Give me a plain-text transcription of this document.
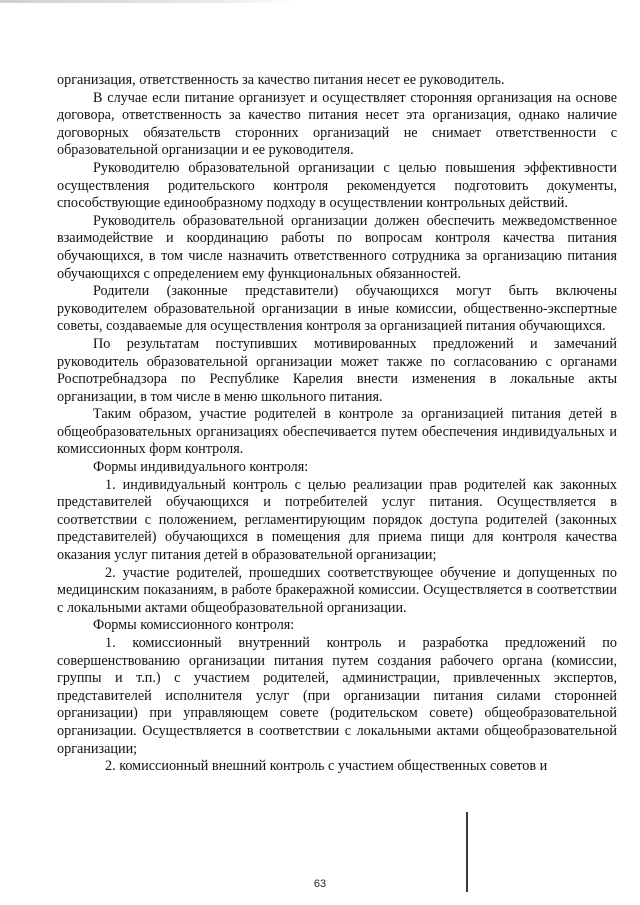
организация, ответственность за качество питания несет ее руководитель.

В случае если питание организует и осуществляет сторонняя организация на основе договора, ответственность за качество питания несет эта организация, однако наличие договорных обязательств сторонних организаций не снимает ответственности с образовательной организации и ее руководителя.

Руководителю образовательной организации с целью повышения эффективности осуществления родительского контроля рекомендуется подготовить документы, способствующие единообразному подходу в осуществлении контрольных действий.

Руководитель образовательной организации должен обеспечить межведомственное взаимодействие и координацию работы по вопросам контроля качества питания обучающихся, в том числе назначить ответственного сотрудника за организацию питания обучающихся с определением ему функциональных обязанностей.

Родители (законные представители) обучающихся могут быть включены руководителем образовательной организации в иные комиссии, общественно-экспертные советы, создаваемые для осуществления контроля за организацией питания обучающихся.

По результатам поступивших мотивированных предложений и замечаний руководитель образовательной организации может также по согласованию с органами Роспотребнадзора по Республике Карелия внести изменения в локальные акты организации, в том числе в меню школьного питания.

Таким образом, участие родителей в контроле за организацией питания детей в общеобразовательных организациях обеспечивается путем обеспечения индивидуальных и комиссионных форм контроля.

Формы индивидуального контроля:

1. индивидуальный контроль с целью реализации прав родителей как законных представителей обучающихся и потребителей услуг питания. Осуществляется в соответствии с положением, регламентирующим порядок доступа родителей (законных представителей) обучающихся в помещения для приема пищи для контроля качества оказания услуг питания детей в образовательной организации;

2. участие родителей, прошедших соответствующее обучение и допущенных по медицинским показаниям, в работе бракеражной комиссии. Осуществляется в соответствии с локальными актами общеобразовательной организации.

Формы комиссионного контроля:

1. комиссионный внутренний контроль и разработка предложений по совершенствованию организации питания путем создания рабочего органа (комиссии, группы и т.п.) с участием родителей, администрации, привлеченных экспертов, представителей исполнителя услуг (при организации питания силами сторонней организации) при управляющем совете (родительском совете) общеобразовательной организации. Осуществляется в соответствии с локальными актами общеобразовательной организации;

2. комиссионный внешний контроль с участием общественных советов и

63
